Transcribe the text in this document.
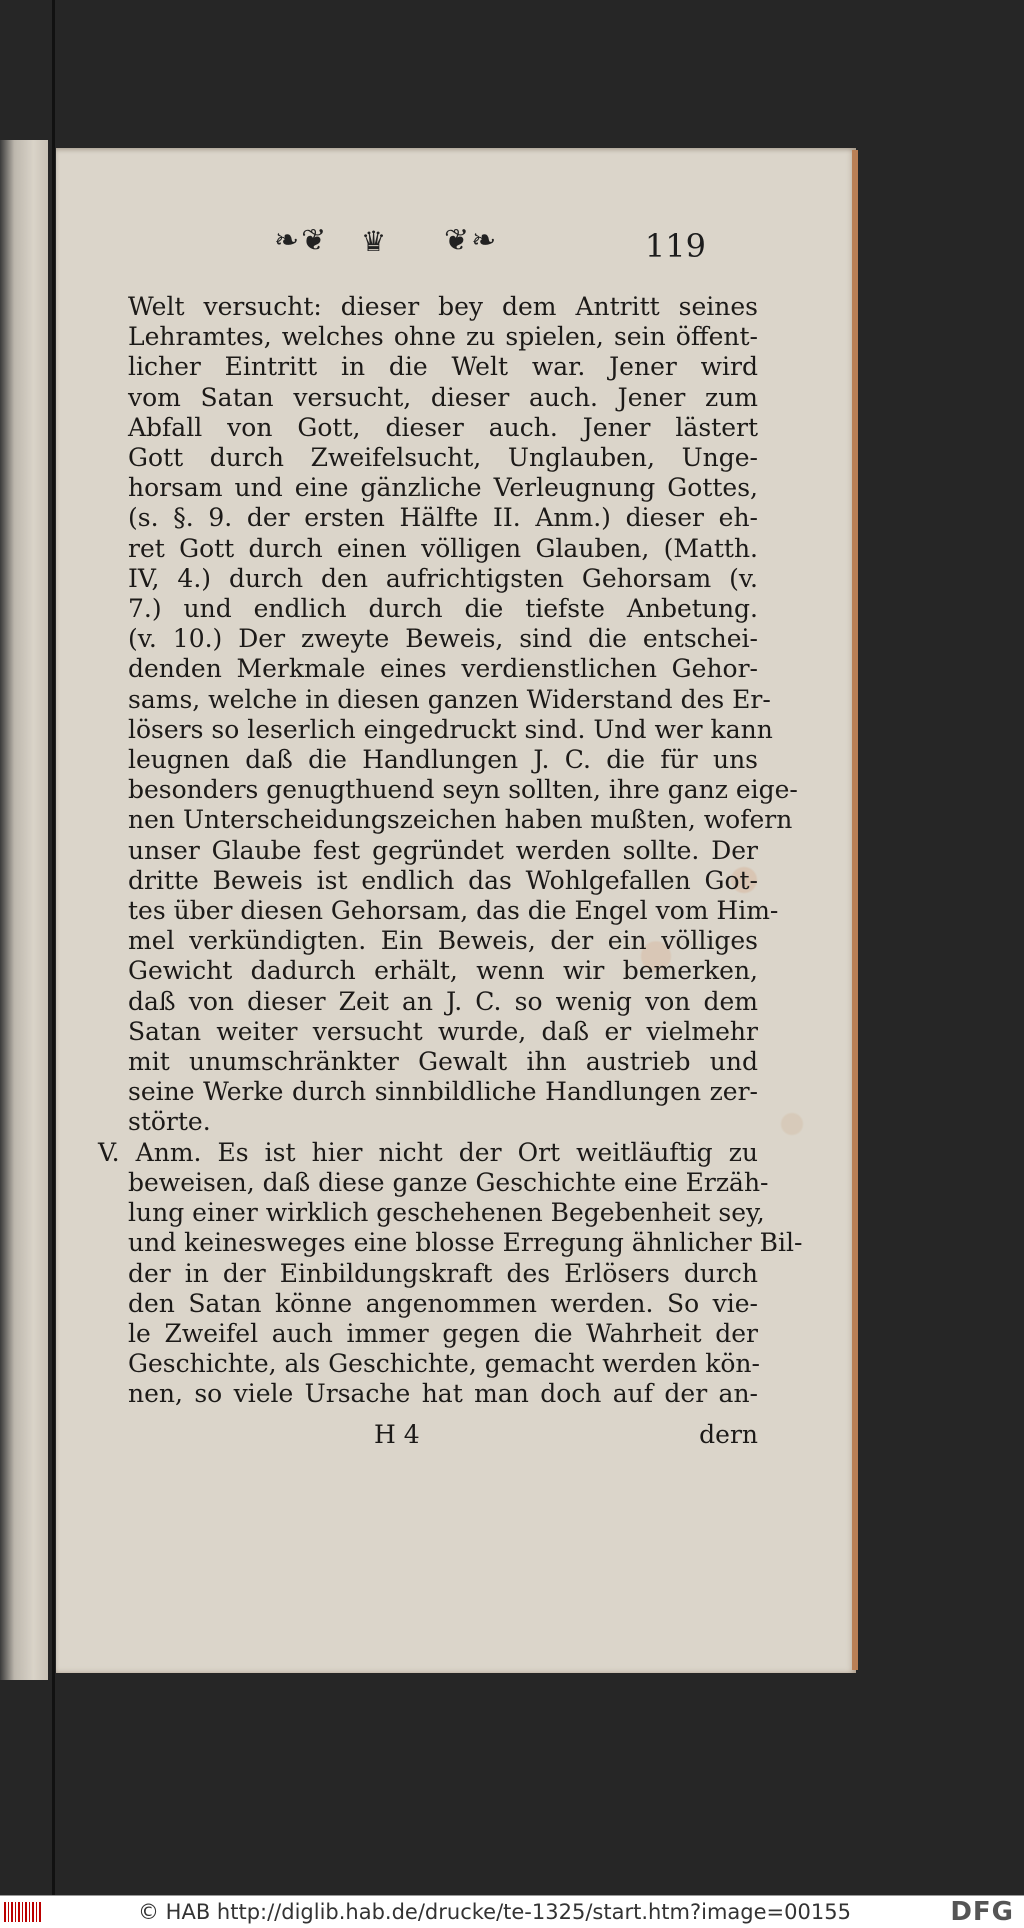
❧❦ ♛ ❦❧	119
Welt versucht: dieser bey dem Antritt seines
Lehramtes, welches ohne zu spielen, sein öffent-
licher Eintritt in die Welt war. Jener wird
vom Satan versucht, dieser auch. Jener zum
Abfall von Gott, dieser auch. Jener lästert
Gott durch Zweifelsucht, Unglauben, Unge-
horsam und eine gänzliche Verleugnung Gottes,
(s. §. 9. der ersten Hälfte II. Anm.) dieser eh-
ret Gott durch einen völligen Glauben, (Matth.
IV, 4.) durch den aufrichtigsten Gehorsam (v.
7.) und endlich durch die tiefste Anbetung.
(v. 10.) Der zweyte Beweis, sind die entschei-
denden Merkmale eines verdienstlichen Gehor-
sams, welche in diesen ganzen Widerstand des Er-
lösers so leserlich eingedruckt sind. Und wer kann
leugnen daß die Handlungen J. C. die für uns
besonders genugthuend seyn sollten, ihre ganz eige-
nen Unterscheidungszeichen haben mußten, wofern
unser Glaube fest gegründet werden sollte. Der
dritte Beweis ist endlich das Wohlgefallen Got-
tes über diesen Gehorsam, das die Engel vom Him-
mel verkündigten. Ein Beweis, der ein völliges
Gewicht dadurch erhält, wenn wir bemerken,
daß von dieser Zeit an J. C. so wenig von dem
Satan weiter versucht wurde, daß er vielmehr
mit unumschränkter Gewalt ihn austrieb und
seine Werke durch sinnbildliche Handlungen zer-
störte.
V. Anm. Es ist hier nicht der Ort weitläuftig zu
beweisen, daß diese ganze Geschichte eine Erzäh-
lung einer wirklich geschehenen Begebenheit sey,
und keinesweges eine blosse Erregung ähnlicher Bil-
der in der Einbildungskraft des Erlösers durch
den Satan könne angenommen werden. So vie-
le Zweifel auch immer gegen die Wahrheit der
Geschichte, als Geschichte, gemacht werden kön-
nen, so viele Ursache hat man doch auf der an-
H 4	dern
© HAB http://diglib.hab.de/drucke/te-1325/start.htm?image=00155	DFG
